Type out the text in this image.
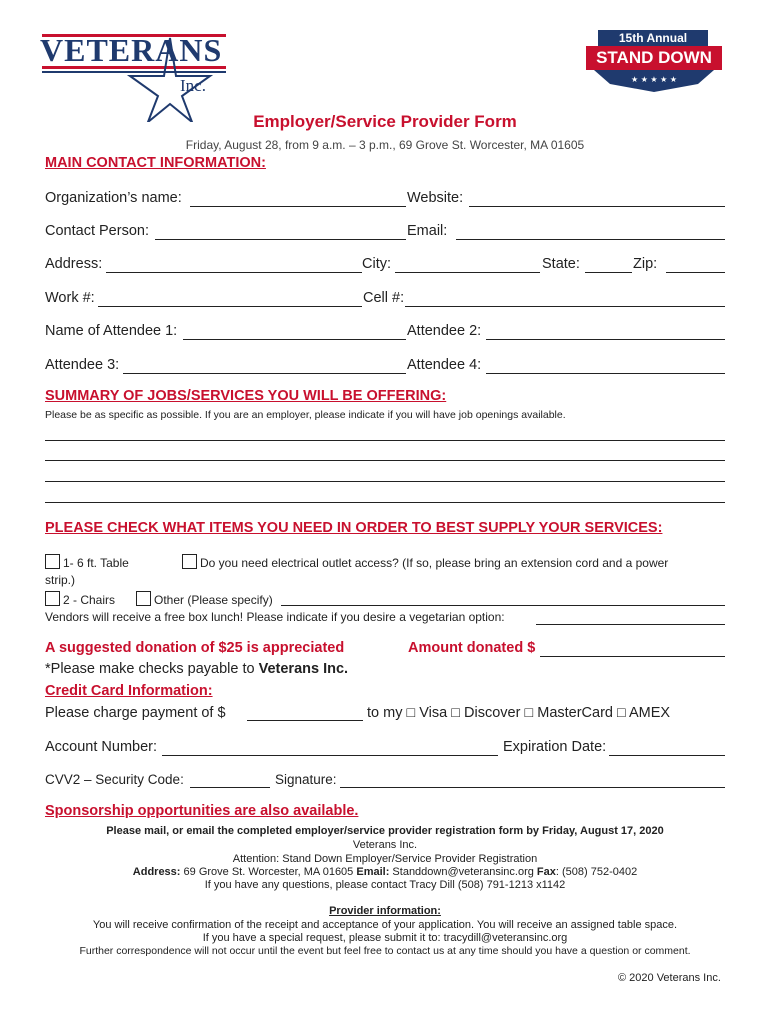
VETERANS
Inc.
15th Annual
STAND DOWN
★ ★ ★ ★ ★
Employer/Service Provider Form
Friday, August 28, from 9 a.m. – 3 p.m., 69 Grove St. Worcester, MA 01605
MAIN CONTACT INFORMATION:
Organization’s name:	Website:
Contact Person:	Email:
Address:	City:	State:	Zip:
Work #:	Cell #:
Name of Attendee 1:	Attendee 2:
Attendee 3:	Attendee 4:
SUMMARY OF JOBS/SERVICES YOU WILL BE OFFERING:
Please be as specific as possible. If you are an employer, please indicate if you will have job openings available.
PLEASE CHECK WHAT ITEMS YOU NEED IN ORDER TO BEST SUPPLY YOUR SERVICES:
1- 6 ft. Table	Do you need electrical outlet access? (If so, please bring an extension cord and a power
strip.)
2 - Chairs	Other (Please specify)
Vendors will receive a free box lunch! Please indicate if you desire a vegetarian option:
A suggested donation of $25 is appreciated	Amount donated $
*Please make checks payable to Veterans Inc.
Credit Card Information:
Please charge payment of $	to my □ Visa □ Discover □ MasterCard □ AMEX
Account Number:	Expiration Date:
CVV2 – Security Code:	Signature:
Sponsorship opportunities are also available.
Please mail, or email the completed employer/service provider registration form by Friday, August 17, 2020
Veterans Inc.
Attention: Stand Down Employer/Service Provider Registration
Address: 69 Grove St. Worcester, MA 01605 Email: Standdown@veteransinc.org Fax: (508) 752-0402
If you have any questions, please contact Tracy Dill (508) 791-1213 x1142
Provider information:
You will receive confirmation of the receipt and acceptance of your application. You will receive an assigned table space.
If you have a special request, please submit it to: tracydill@veteransinc.org
Further correspondence will not occur until the event but feel free to contact us at any time should you have a question or comment.
© 2020 Veterans Inc.
